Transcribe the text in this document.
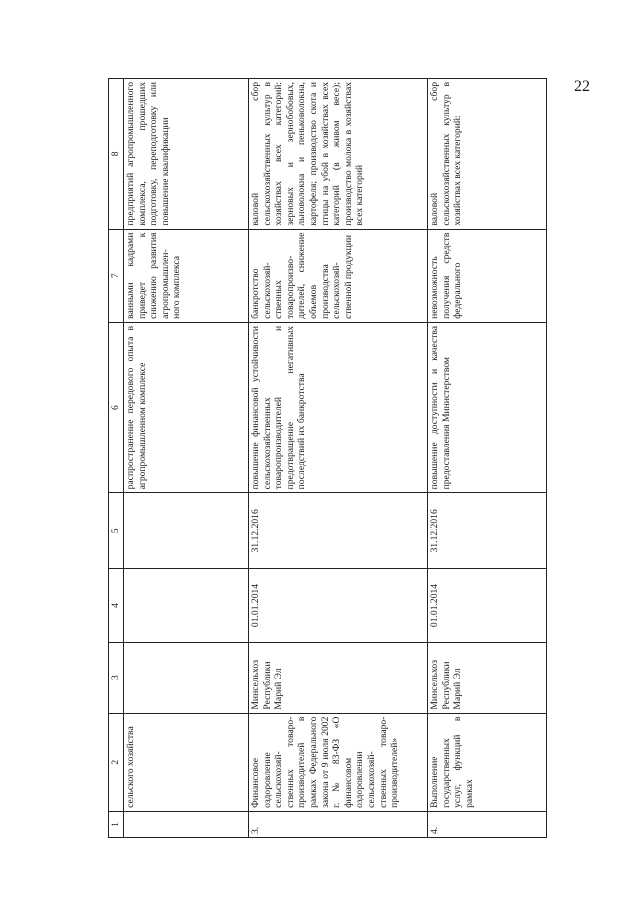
22
1	2	3	4	5	6	7	8
	сельского хозяйства				распространение передового опыта в агропромышленном комплексе	ванными кадрами приведет к снижению развития агропромышлен-ного комплекса	предприятий агропромышленного комплекса, прошедших подготовку, переподготовку или повышение квалификации
3.	Финансовое оздоровление сельскохозяй-ственных товаро-производителей в рамках Федерального закона от 9 июля 2002 г. № 83-ФЗ «О финансовом оздоровлении сельскохозяй-ственных товаро-производителей»	Минсельхоз Республики Марий Эл	01.01.2014	31.12.2016	повышение финансовой устойчивости сельскохозяйственных товаропроизводителей и предотвращение негативных последствий их банкротства	банкротство сельскохозяй-ственных товаропроизво-дителей, снижение объемов производства сельскохозяй-ственной продукции	валовой сбор сельскохозяйственных культур в хозяйствах всех категорий: зерновых и зернобобовых, льноволокна и пеньковолокна, картофеля; производство скота и птицы на убой в хозяйствах всех категорий (в живом весе); производство молока в хозяйствах всех категорий
4.	Выполнение государственных услуг, функций в рамках	Минсельхоз Республики Марий Эл	01.01.2014	31.12.2016	повышение доступности и качества предоставления Министерством	невозможность получения средств федерального	валовой сбор сельскохозяйственных культур в хозяйствах всех категорий:
